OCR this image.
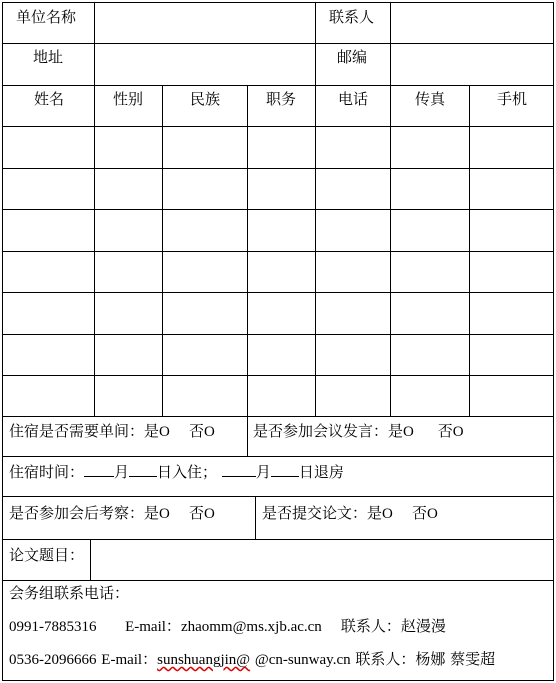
单位名称	联系人
地址	邮编
姓名	性别	民族	职务	电话	传真	手机
住宿是否需要单间：是O 否O	是否参加会议发言：是O 否O
住宿时间： 月 日入住；	月 日退房
是否参加会后考察：是O 否O	是否提交论文：是O 否O
论文题目：
会务组联系电话：
0991-7885316 E-mail：zhaomm@ms.xjb.ac.cn 联系人：赵漫漫
0536-2096666 E-mail：sunshuangjin@ @cn-sunway.cn 联系人：杨娜 蔡雯超
